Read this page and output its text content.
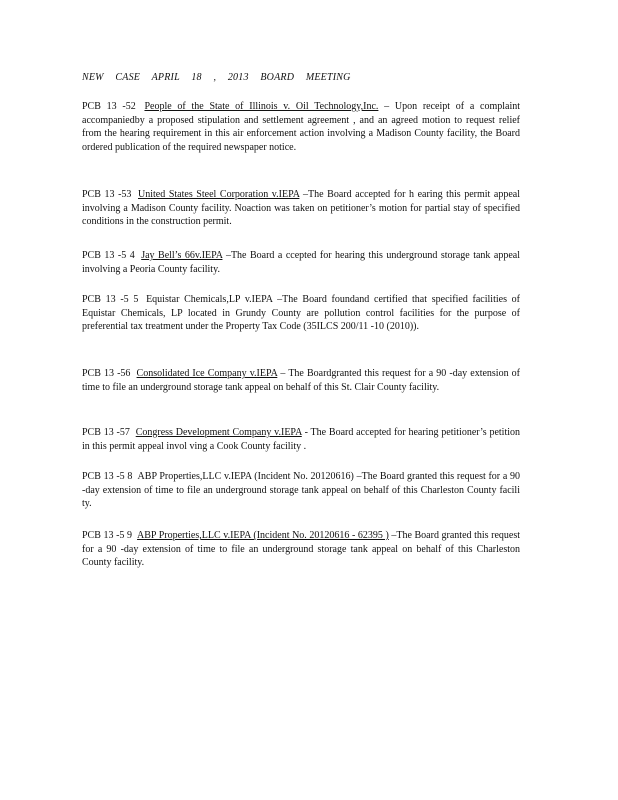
NEW CASE APRIL 18 , 2013 BOARD MEETING

PCB 13 -52 People of the State of Illinois v. Oil Technology,Inc. – Upon receipt of a complaint accompaniedby a proposed stipulation and settlement agreement , and an agreed motion to request relief from the hearing requirement in this air enforcement action involving a Madison County facility, the Board ordered publication of the required newspaper notice.

PCB 13 -53 United States Steel Corporation v.IEPA –The Board accepted for h earing this permit appeal involving a Madison County facility. Noaction was taken on petitioner’s motion for partial stay of specified conditions in the construction permit.

PCB 13 -5 4 Jay Bell’s 66v.IEPA –The Board a ccepted for hearing this underground storage tank appeal involving a Peoria County facility.

PCB 13 -5 5 Equistar Chemicals,LP v.IEPA –The Board foundand certified that specified facilities of Equistar Chemicals, LP located in Grundy County are pollution control facilities for the purpose of preferential tax treatment under the Property Tax Code (35ILCS 200/11 -10 (2010)).

PCB 13 -56 Consolidated Ice Company v.IEPA – The Boardgranted this request for a 90 -day extension of time to file an underground storage tank appeal on behalf of this St. Clair County facility.

PCB 13 -57 Congress Development Company v.IEPA - The Board accepted for hearing petitioner’s petition in this permit appeal invol ving a Cook County facility .

PCB 13 -5 8 ABP Properties,LLC v.IEPA (Incident No. 20120616) –The Board granted this request for a 90 -day extension of time to file an underground storage tank appeal on behalf of this Charleston County facili ty.

PCB 13 -5 9 ABP Properties,LLC v.IEPA (Incident No. 20120616 - 62395 ) –The Board granted this request for a 90 -day extension of time to file an underground storage tank appeal on behalf of this Charleston County facility.
